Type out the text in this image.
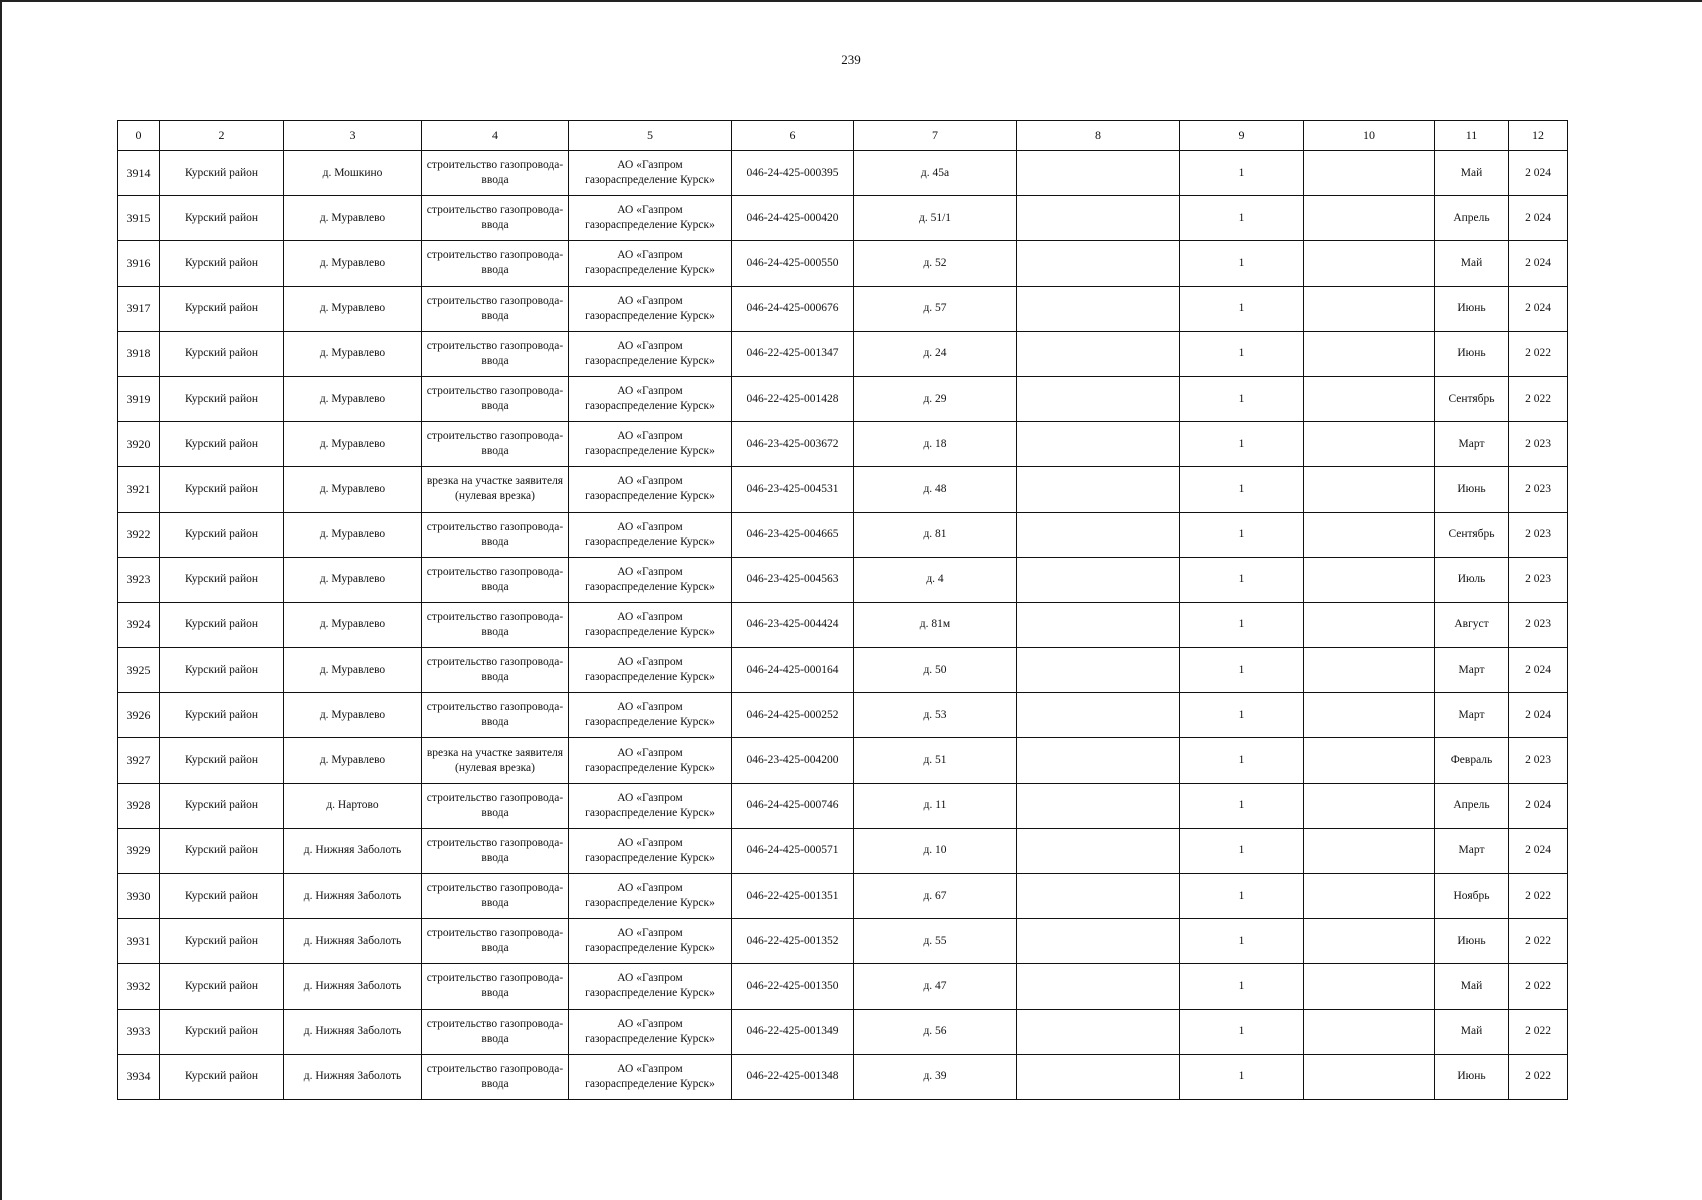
239
0	2	3	4	5	6	7	8	9	10	11	12
3914	Курский район	д. Мошкино	строительство газопровода-ввода	АО «Газпром газораспределение Курск»	046-24-425-000395	д. 45а		1		Май	2 024
3915	Курский район	д. Муравлево	строительство газопровода-ввода	АО «Газпром газораспределение Курск»	046-24-425-000420	д. 51/1		1		Апрель	2 024
3916	Курский район	д. Муравлево	строительство газопровода-ввода	АО «Газпром газораспределение Курск»	046-24-425-000550	д. 52		1		Май	2 024
3917	Курский район	д. Муравлево	строительство газопровода-ввода	АО «Газпром газораспределение Курск»	046-24-425-000676	д. 57		1		Июнь	2 024
3918	Курский район	д. Муравлево	строительство газопровода-ввода	АО «Газпром газораспределение Курск»	046-22-425-001347	д. 24		1		Июнь	2 022
3919	Курский район	д. Муравлево	строительство газопровода-ввода	АО «Газпром газораспределение Курск»	046-22-425-001428	д. 29		1		Сентябрь	2 022
3920	Курский район	д. Муравлево	строительство газопровода-ввода	АО «Газпром газораспределение Курск»	046-23-425-003672	д. 18		1		Март	2 023
3921	Курский район	д. Муравлево	врезка на участке заявителя (нулевая врезка)	АО «Газпром газораспределение Курск»	046-23-425-004531	д. 48		1		Июнь	2 023
3922	Курский район	д. Муравлево	строительство газопровода-ввода	АО «Газпром газораспределение Курск»	046-23-425-004665	д. 81		1		Сентябрь	2 023
3923	Курский район	д. Муравлево	строительство газопровода-ввода	АО «Газпром газораспределение Курск»	046-23-425-004563	д. 4		1		Июль	2 023
3924	Курский район	д. Муравлево	строительство газопровода-ввода	АО «Газпром газораспределение Курск»	046-23-425-004424	д. 81м		1		Август	2 023
3925	Курский район	д. Муравлево	строительство газопровода-ввода	АО «Газпром газораспределение Курск»	046-24-425-000164	д. 50		1		Март	2 024
3926	Курский район	д. Муравлево	строительство газопровода-ввода	АО «Газпром газораспределение Курск»	046-24-425-000252	д. 53		1		Март	2 024
3927	Курский район	д. Муравлево	врезка на участке заявителя (нулевая врезка)	АО «Газпром газораспределение Курск»	046-23-425-004200	д. 51		1		Февраль	2 023
3928	Курский район	д. Нартово	строительство газопровода-ввода	АО «Газпром газораспределение Курск»	046-24-425-000746	д. 11		1		Апрель	2 024
3929	Курский район	д. Нижняя Заболоть	строительство газопровода-ввода	АО «Газпром газораспределение Курск»	046-24-425-000571	д. 10		1		Март	2 024
3930	Курский район	д. Нижняя Заболоть	строительство газопровода-ввода	АО «Газпром газораспределение Курск»	046-22-425-001351	д. 67		1		Ноябрь	2 022
3931	Курский район	д. Нижняя Заболоть	строительство газопровода-ввода	АО «Газпром газораспределение Курск»	046-22-425-001352	д. 55		1		Июнь	2 022
3932	Курский район	д. Нижняя Заболоть	строительство газопровода-ввода	АО «Газпром газораспределение Курск»	046-22-425-001350	д. 47		1		Май	2 022
3933	Курский район	д. Нижняя Заболоть	строительство газопровода-ввода	АО «Газпром газораспределение Курск»	046-22-425-001349	д. 56		1		Май	2 022
3934	Курский район	д. Нижняя Заболоть	строительство газопровода-ввода	АО «Газпром газораспределение Курск»	046-22-425-001348	д. 39		1		Июнь	2 022
